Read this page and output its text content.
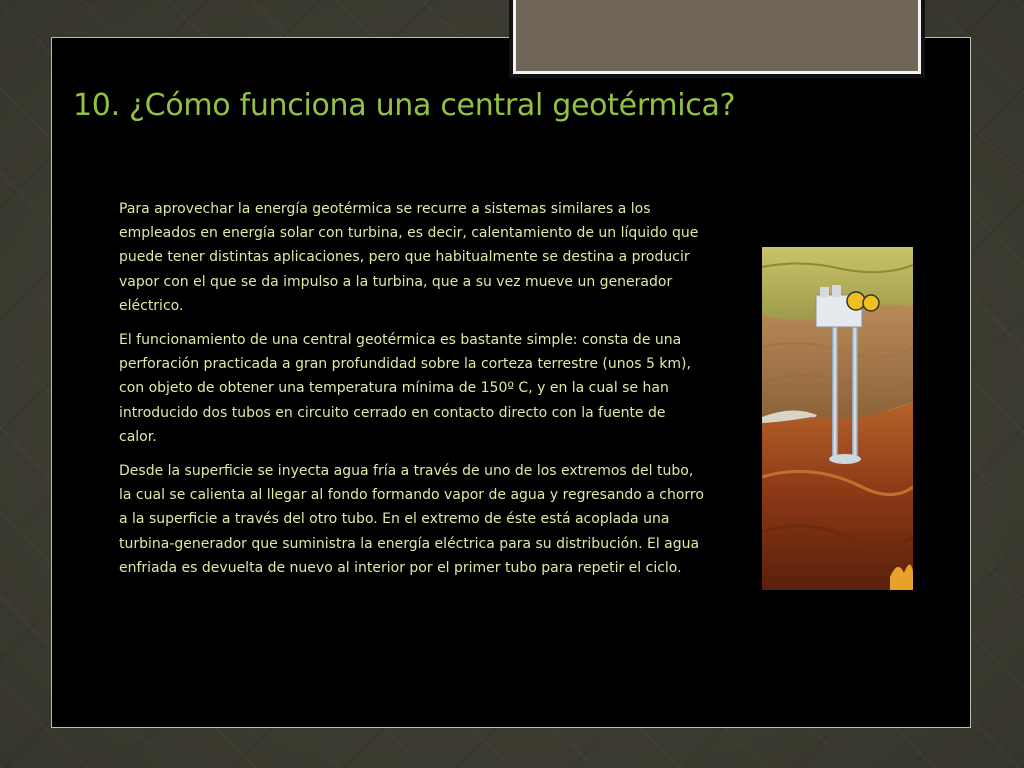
10. ¿Cómo funciona una central geotérmica?

Para aprovechar la energía geotérmica se recurre a sistemas similares a los empleados en energía solar con turbina, es decir, calentamiento de un líquido que puede tener distintas aplicaciones, pero que habitualmente se destina a producir vapor con el que se da impulso a la turbina, que a su vez mueve un generador eléctrico.

El funcionamiento de una central geotérmica es bastante simple: consta de una perforación practicada a gran profundidad sobre la corteza terrestre (unos 5 km), con objeto de obtener una temperatura mínima de 150º C, y en la cual se han introducido dos tubos en circuito cerrado en contacto directo con la fuente de calor.

Desde la superficie se inyecta agua fría a través de uno de los extremos del tubo, la cual se calienta al llegar al fondo formando vapor de agua y regresando a chorro a la superficie a través del otro tubo. En el extremo de éste está acoplada una turbina-generador que suministra la energía eléctrica para su distribución. El agua enfriada es devuelta de nuevo al interior por el primer tubo para repetir el ciclo.
